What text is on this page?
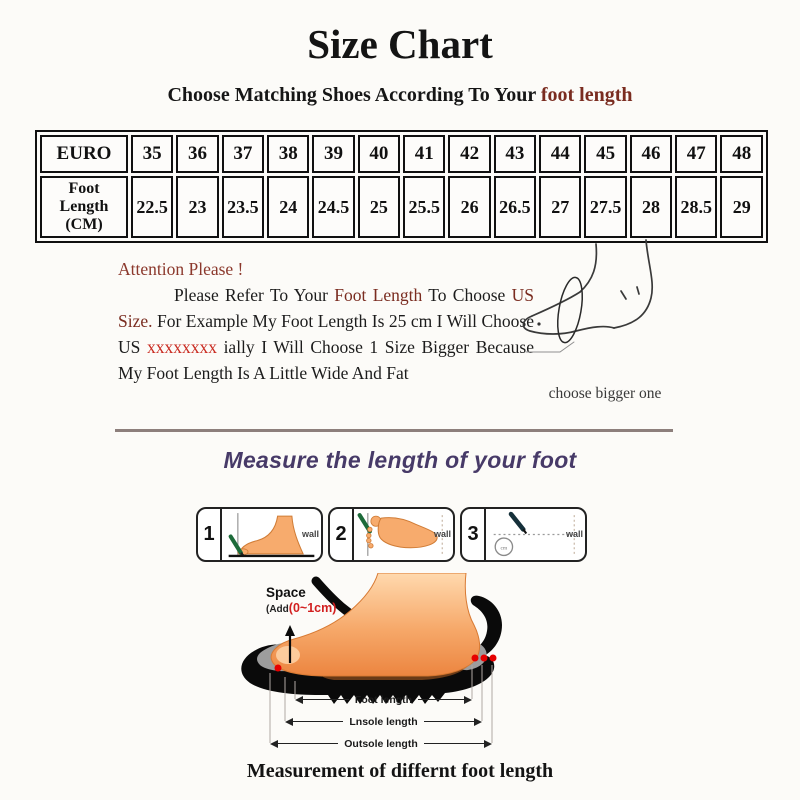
Size Chart
Choose Matching Shoes According To Your foot length
EURO	35	36	37	38	39	40	41	42	43	44	45	46	47	48
Foot Length (CM)	22.5	23	23.5	24	24.5	25	25.5	26	26.5	27	27.5	28	28.5	29
Attention Please !

Please Refer To Your Foot Length To Choose US Size. For Example My Foot Length Is 25 cm I Will Choose US xxxxxxxx ially I Will Choose 1 Size Bigger Because My Foot Length Is A Little Wide And Fat

choose bigger one
Measure the length of your foot
1	wall 2	wall 3
cm
wall
Space
(Add(0~1cm)
Foot length
Lnsole length
Outsole length
Measurement of differnt foot length
